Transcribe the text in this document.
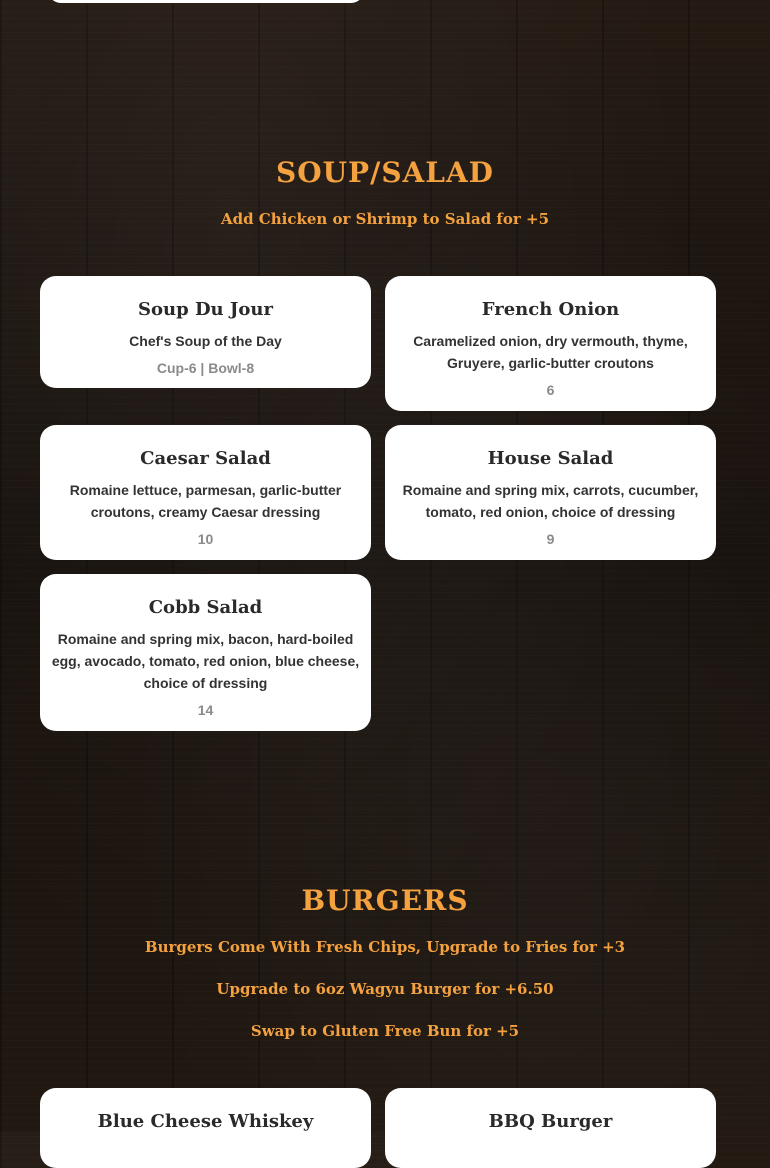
SOUP/SALAD

Add Chicken or Shrimp to Salad for +5

Soup Du Jour
Chef's Soup of the Day
Cup-6 | Bowl-8
French Onion
Caramelized onion, dry vermouth, thyme, Gruyere, garlic-butter croutons
6
Caesar Salad
Romaine lettuce, parmesan, garlic-butter croutons, creamy Caesar dressing
10
House Salad
Romaine and spring mix, carrots, cucumber, tomato, red onion, choice of dressing
9
Cobb Salad
Romaine and spring mix, bacon, hard-boiled egg, avocado, tomato, red onion, blue cheese, choice of dressing
14
BURGERS

Burgers Come With Fresh Chips, Upgrade to Fries for +3

Upgrade to 6oz Wagyu Burger for +6.50

Swap to Gluten Free Bun for +5

Blue Cheese Whiskey	BBQ Burger
